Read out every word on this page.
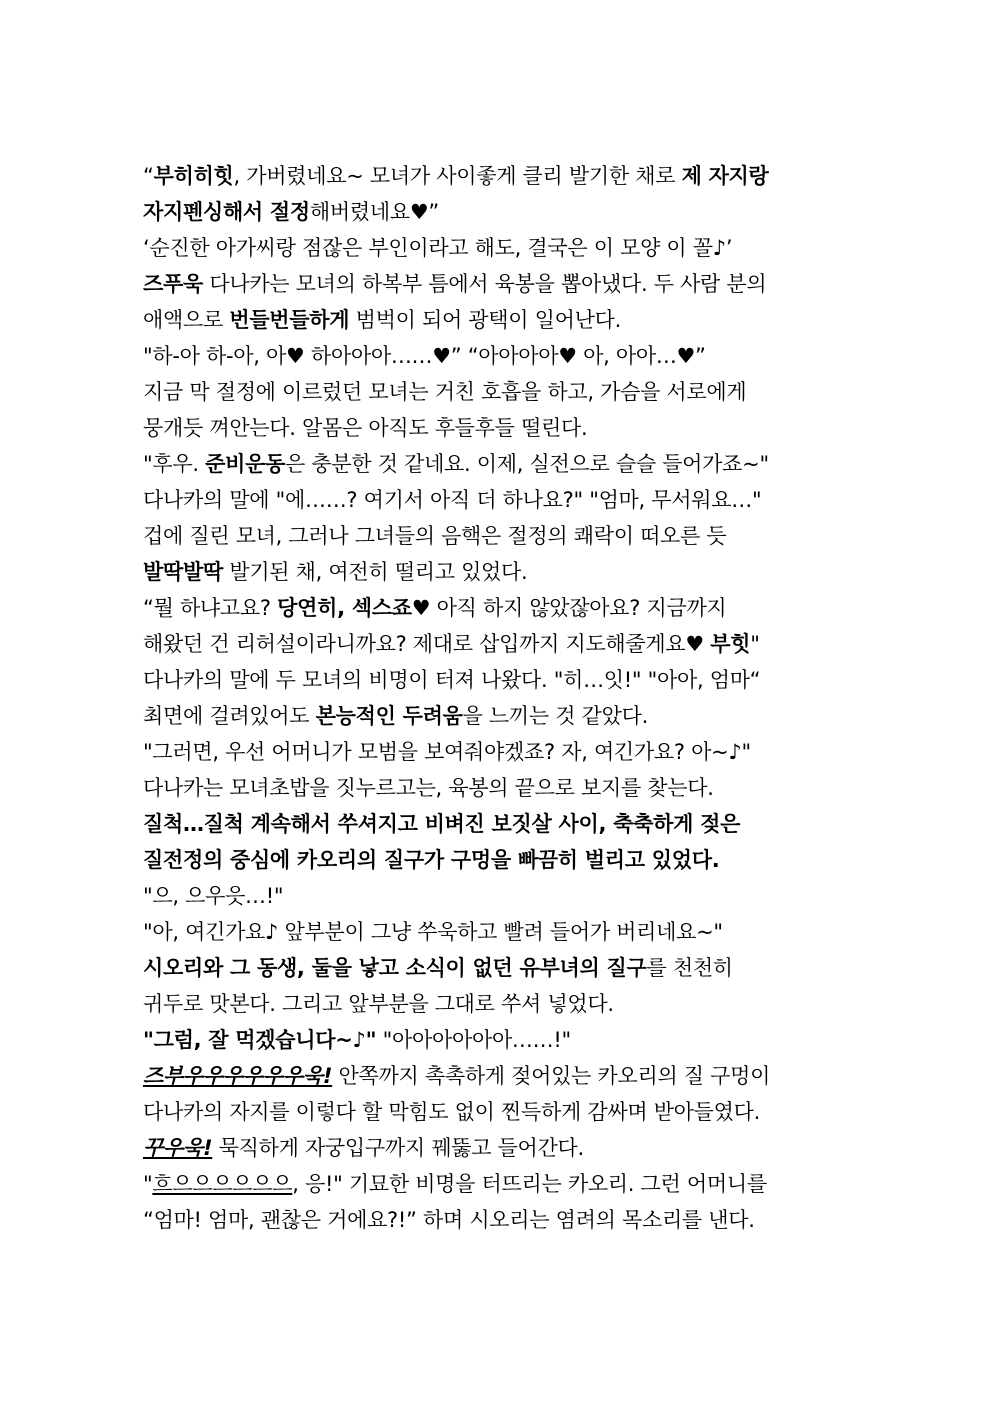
“부히히힛, 가버렸네요~ 모녀가 사이좋게 클리 발기한 채로 제 자지랑
자지펜싱해서 절정해버렸네요♥”
‘순진한 아가씨랑 점잖은 부인이라고 해도, 결국은 이 모양 이 꼴♪’
즈푸욱 다나카는 모녀의 하복부 틈에서 육봉을 뽑아냈다. 두 사람 분의
애액으로 번들번들하게 범벅이 되어 광택이 일어난다.
"하-아 하-아, 아♥ 하아아아……♥” “아아아아♥ 아, 아아…♥”
지금 막 절정에 이르렀던 모녀는 거친 호흡을 하고, 가슴을 서로에게
뭉개듯 껴안는다. 알몸은 아직도 후들후들 떨린다.
"후우. 준비운동은 충분한 것 같네요. 이제, 실전으로 슬슬 들어가죠~"
다나카의 말에 "에……? 여기서 아직 더 하나요?" "엄마, 무서워요…"
겁에 질린 모녀, 그러나 그녀들의 음핵은 절정의 쾌락이 떠오른 듯
발딱발딱 발기된 채, 여전히 떨리고 있었다.
“뭘 하냐고요? 당연히, 섹스죠♥ 아직 하지 않았잖아요? 지금까지
해왔던 건 리허설이라니까요? 제대로 삽입까지 지도해줄게요♥ 부힛"
다나카의 말에 두 모녀의 비명이 터져 나왔다. "히…잇!" "아아, 엄마“
최면에 걸려있어도 본능적인 두려움을 느끼는 것 같았다.
"그러면, 우선 어머니가 모범을 보여줘야겠죠? 자, 여긴가요? 아~♪"
다나카는 모녀초밥을 짓누르고는, 육봉의 끝으로 보지를 찾는다.
질척…질척 계속해서 쑤셔지고 비벼진 보짓살 사이, 축축하게 젖은
질전정의 중심에 카오리의 질구가 구멍을 빠끔히 벌리고 있었다.
"으, 으우읏…!"
"아, 여긴가요♪ 앞부분이 그냥 쑤욱하고 빨려 들어가 버리네요~"
시오리와 그 동생, 둘을 낳고 소식이 없던 유부녀의 질구를 천천히
귀두로 맛본다. 그리고 앞부분을 그대로 쑤셔 넣었다.
"그럼, 잘 먹겠습니다~♪" "아아아아아아……!"
즈부우우우우우우욱! 안쪽까지 촉촉하게 젖어있는 카오리의 질 구멍이
다나카의 자지를 이렇다 할 막힘도 없이 찐득하게 감싸며 받아들였다.
꾸우욱! 묵직하게 자궁입구까지 꿰뚫고 들어간다.
"흐으으으으으으, 응!" 기묘한 비명을 터뜨리는 카오리. 그런 어머니를
“엄마! 엄마, 괜찮은 거에요?!” 하며 시오리는 염려의 목소리를 낸다.
